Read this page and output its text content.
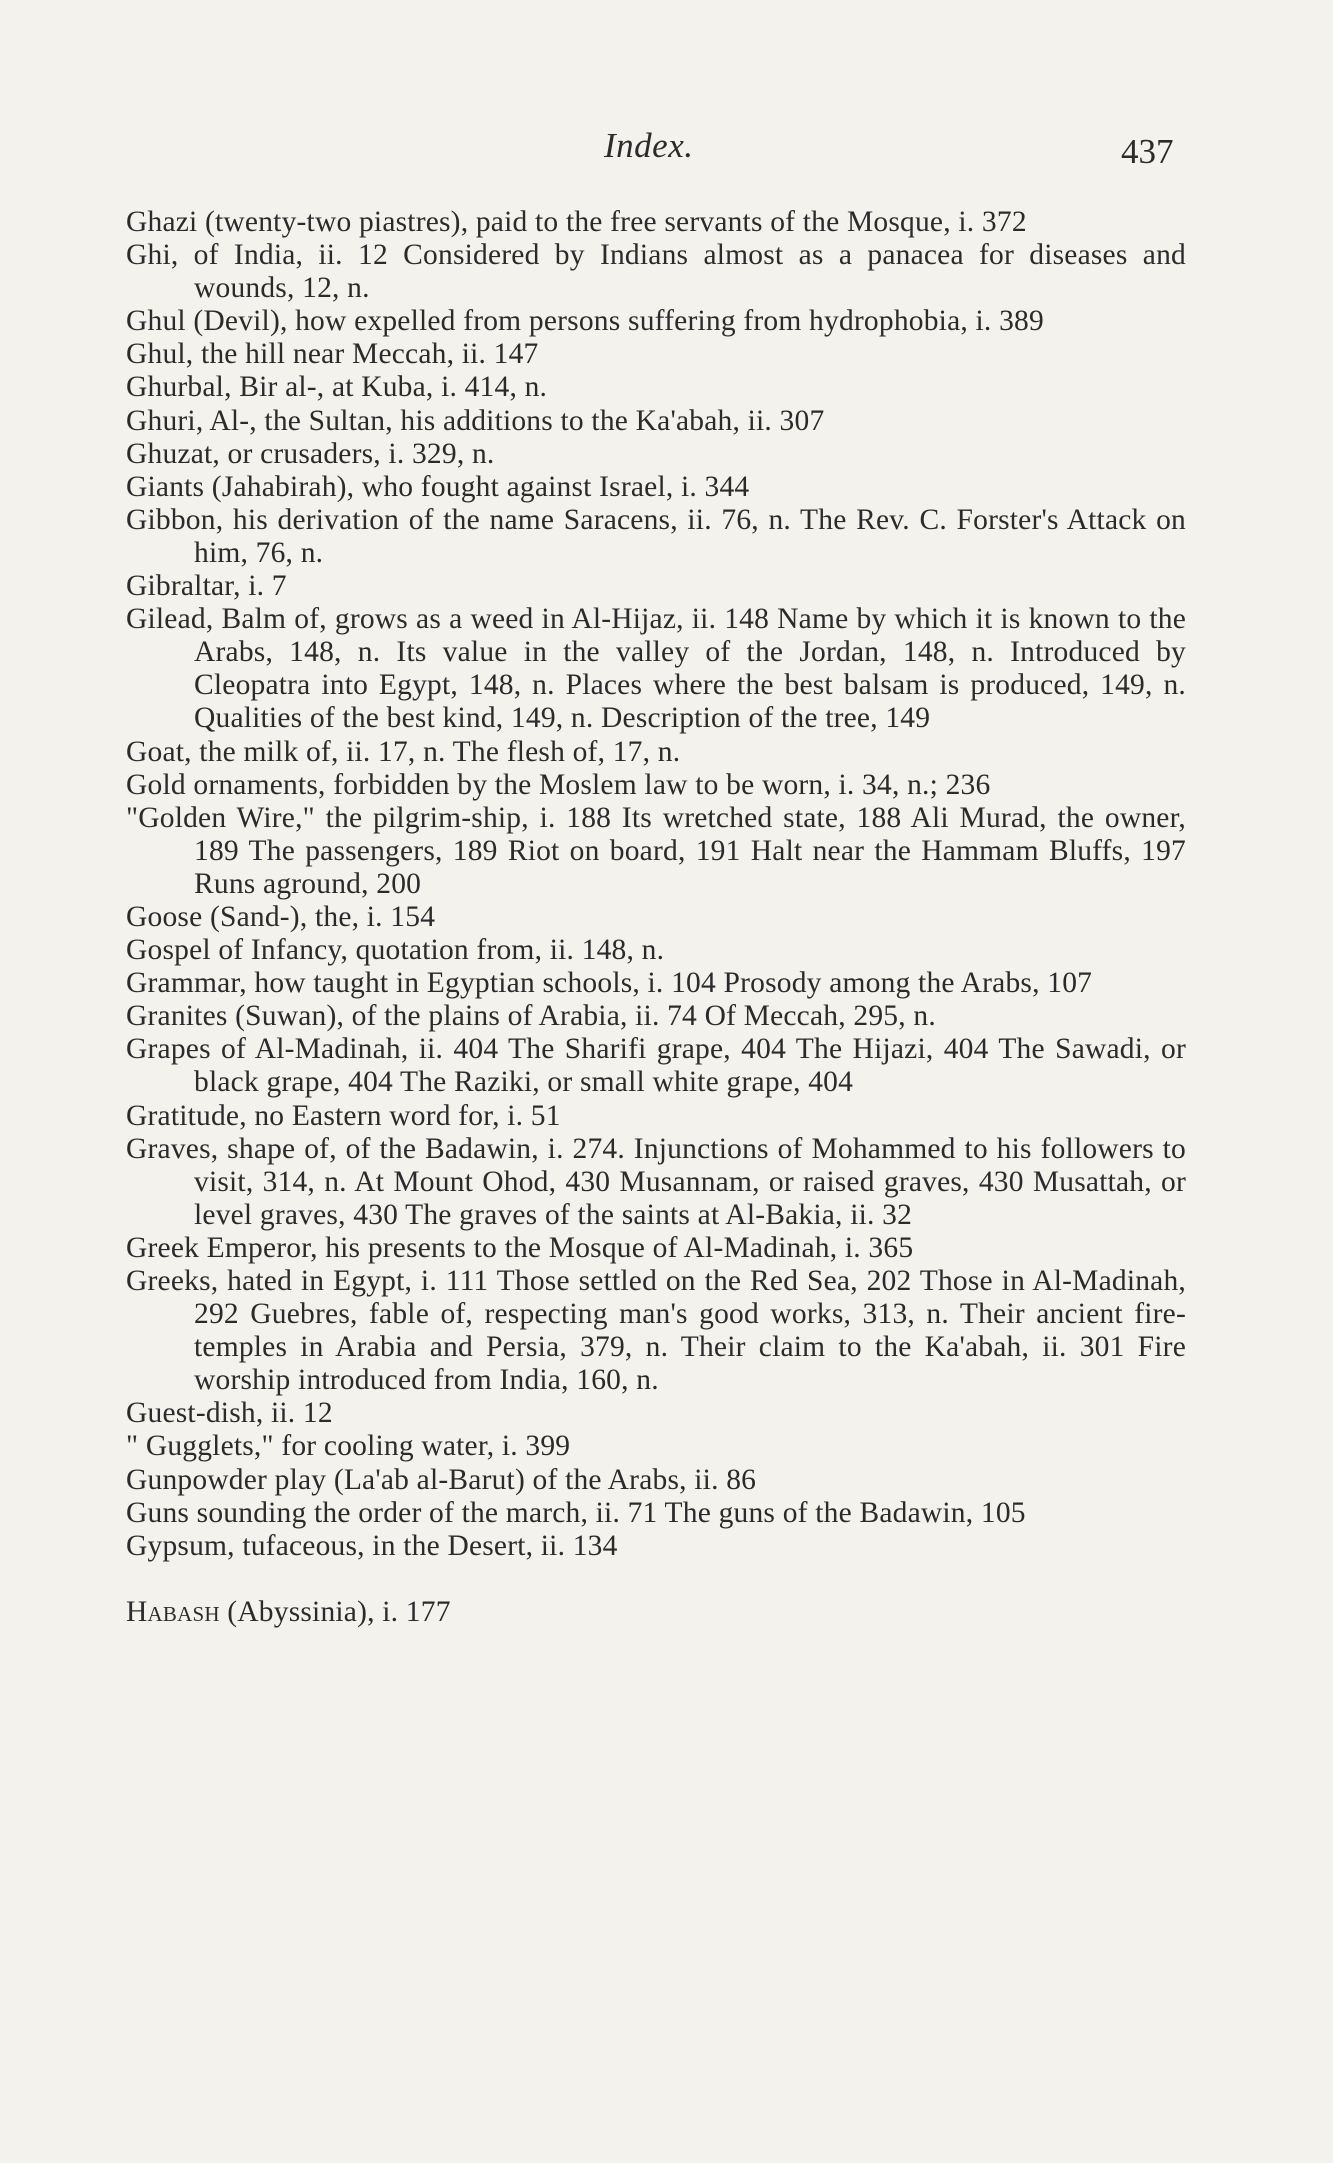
Index.	437

Ghazi (twenty-two piastres), paid to the free servants of the Mosque, i. 372

Ghi, of India, ii. 12 Considered by Indians almost as a panacea for diseases and wounds, 12, n.

Ghul (Devil), how expelled from persons suffering from hydrophobia, i. 389

Ghul, the hill near Meccah, ii. 147

Ghurbal, Bir al-, at Kuba, i. 414, n.

Ghuri, Al-, the Sultan, his additions to the Ka'abah, ii. 307

Ghuzat, or crusaders, i. 329, n.

Giants (Jahabirah), who fought against Israel, i. 344

Gibbon, his derivation of the name Saracens, ii. 76, n. The Rev. C. Forster's Attack on him, 76, n.

Gibraltar, i. 7

Gilead, Balm of, grows as a weed in Al-Hijaz, ii. 148 Name by which it is known to the Arabs, 148, n. Its value in the valley of the Jordan, 148, n. Introduced by Cleopatra into Egypt, 148, n. Places where the best balsam is produced, 149, n. Qualities of the best kind, 149, n. Description of the tree, 149

Goat, the milk of, ii. 17, n. The flesh of, 17, n.

Gold ornaments, forbidden by the Moslem law to be worn, i. 34, n.; 236

"Golden Wire," the pilgrim-ship, i. 188 Its wretched state, 188 Ali Murad, the owner, 189 The passengers, 189 Riot on board, 191 Halt near the Hammam Bluffs, 197 Runs aground, 200

Goose (Sand-), the, i. 154

Gospel of Infancy, quotation from, ii. 148, n.

Grammar, how taught in Egyptian schools, i. 104 Prosody among the Arabs, 107

Granites (Suwan), of the plains of Arabia, ii. 74 Of Meccah, 295, n.

Grapes of Al-Madinah, ii. 404 The Sharifi grape, 404 The Hijazi, 404 The Sawadi, or black grape, 404 The Raziki, or small white grape, 404

Gratitude, no Eastern word for, i. 51

Graves, shape of, of the Badawin, i. 274. Injunctions of Mohammed to his followers to visit, 314, n. At Mount Ohod, 430 Musannam, or raised graves, 430 Musattah, or level graves, 430 The graves of the saints at Al-Bakia, ii. 32

Greek Emperor, his presents to the Mosque of Al-Madinah, i. 365

Greeks, hated in Egypt, i. 111 Those settled on the Red Sea, 202 Those in Al-Madinah, 292 Guebres, fable of, respecting man's good works, 313, n. Their ancient fire-temples in Arabia and Persia, 379, n. Their claim to the Ka'abah, ii. 301 Fire worship introduced from India, 160, n.

Guest-dish, ii. 12

" Gugglets," for cooling water, i. 399

Gunpowder play (La'ab al-Barut) of the Arabs, ii. 86

Guns sounding the order of the march, ii. 71 The guns of the Badawin, 105

Gypsum, tufaceous, in the Desert, ii. 134

Habash (Abyssinia), i. 177
